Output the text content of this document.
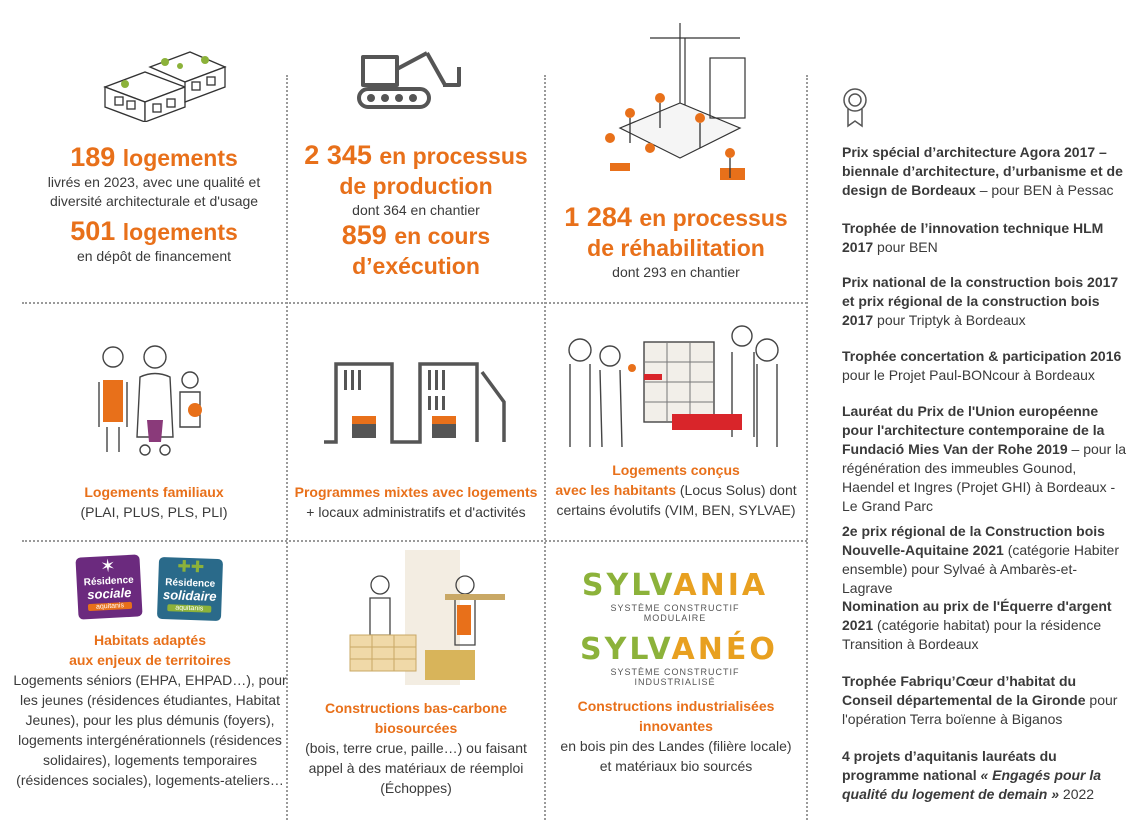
189 logements
livrés en 2023, avec une qualité et
diversité architecturale et d'usage
501 logements
en dépôt de financement
2 345 en processus
de production
dont 364 en chantier
859 en cours
d’exécution
1 284 en processus
de réhabilitation
dont 293 en chantier
Logements familiaux
(PLAI, PLUS, PLS, PLI)
Programmes mixtes avec logements
+ locaux administratifs et d'activités
Logements conçus
avec les habitants (Locus Solus) dont
certains évolutifs (VIM, BEN, SYLVAE)
✶
Résidence
sociale
aquitanis
✚✚
Résidence
solidaire
aquitanis
Habitats adaptés
aux enjeux de territoires
Logements séniors (EHPA, EHPAD…), pour
les jeunes (résidences étudiantes, Habitat
Jeunes), pour les plus démunis (foyers),
logements intergénérationnels (résidences
solidaires), logements temporaires
(résidences sociales), logements-ateliers…
Constructions bas-carbone biosourcées
(bois, terre crue, paille…) ou faisant
appel à des matériaux de réemploi
(Échoppes)
SYLVANIA
SYSTÈME CONSTRUCTIF MODULAIRE
SYLVANÉO
SYSTÈME CONSTRUCTIF INDUSTRIALISÉ
Constructions industrialisées innovantes
en bois pin des Landes (filière locale)
et matériaux bio sourcés
Prix spécial d’architecture Agora 2017 – biennale d’architecture, d’urbanisme et de design de Bordeaux – pour BEN à Pessac
Trophée de l’innovation technique HLM 2017 pour BEN
Prix national de la construction bois 2017 et prix régional de la construction bois 2017 pour Triptyk à Bordeaux
Trophée concertation & participation 2016 pour le Projet Paul-BONcour à Bordeaux
Lauréat du Prix de l'Union européenne pour l'architecture contemporaine de la Fundació Mies Van der Rohe 2019 – pour la régénération des immeubles Gounod, Haendel et Ingres (Projet GHI) à Bordeaux - Le Grand Parc
2e prix régional de la Construction bois Nouvelle-Aquitaine 2021 (catégorie Habiter ensemble) pour Sylvaé à Ambarès-et-Lagrave
Nomination au prix de l'Équerre d'argent 2021 (catégorie habitat) pour la résidence Transition à Bordeaux
Trophée Fabriqu’Cœur d’habitat du Conseil départemental de la Gironde pour l'opération Terra boïenne à Biganos
4 projets d’aquitanis lauréats du programme national « Engagés pour la qualité du logement de demain » 2022
